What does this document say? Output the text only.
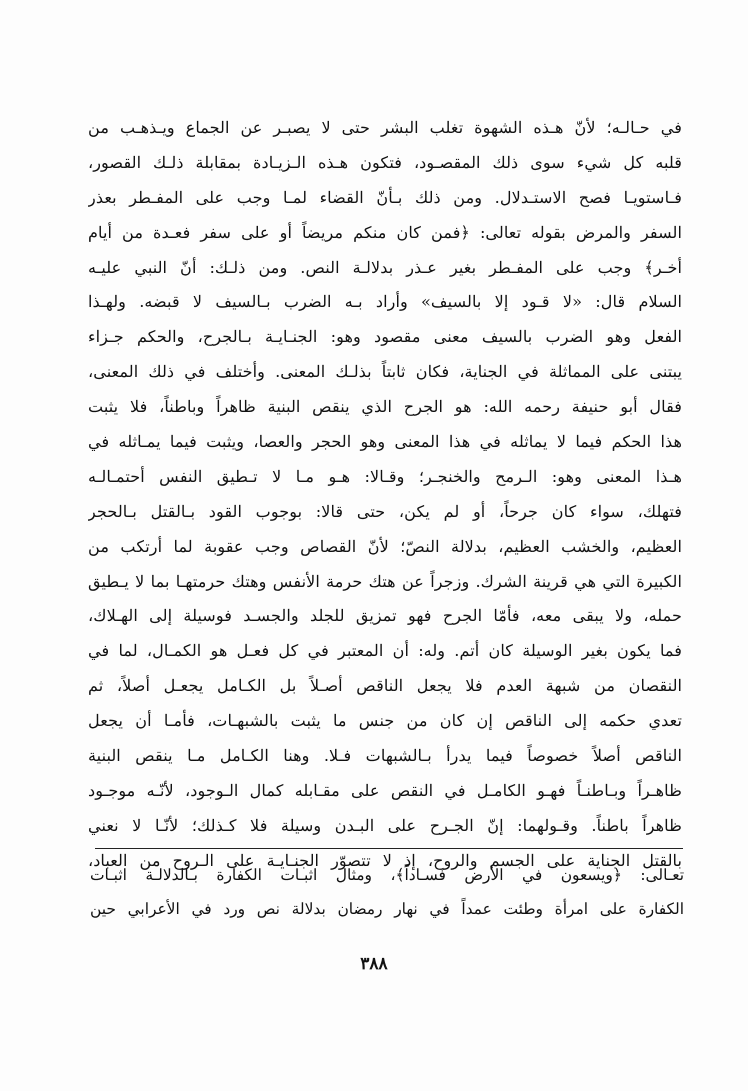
في حـالـه؛ لأنّ هـذه الشهوة تغلب البشر حتى لا يصبـر عن الجماع ويـذهـب من
قلبه كل شيء سوى ذلك المقصـود، فتكون هـذه الـزيـادة بمقابلة ذلـك القصور،
فـاستويـا فصح الاستـدلال. ومن ذلك بـأنّ القضاء لمـا وجب على المفـطر بعذر
السفر والمرض بقوله تعالى: ﴿فمن كان منكم مريضاً أو على سفر فعـدة من أيام
أخـر﴾ وجب على المفـطر بغير عـذر بدلالـة النص. ومن ذلـك: أنّ النبي عليـه
السلام قال: «لا قـود إلا بالسيف» وأراد بـه الضرب بـالسيف لا قبضه. ولهـذا
الفعل وهو الضرب بالسيف معنى مقصود وهو: الجنـايـة بـالجرح، والحكم جـزاء
يبتنى على المماثلة في الجناية، فكان ثابتاً بذلـك المعنى. وأختلف في ذلك المعنى،
فقال أبو حنيفة رحمه الله: هو الجرح الذي ينقص البنية ظاهراً وباطناً، فلا يثبت
هذا الحكم فيما لا يماثله في هذا المعنى وهو الحجر والعصا، ويثبت فيما يمـاثله في
هـذا المعنى وهو: الـرمح والخنجـر؛ وقـالا: هـو مـا لا تـطيق النفس أحتمـالـه
فتهلك، سواء كان جرحاً، أو لم يكن، حتى قالا: بوجوب القود بـالقتل بـالحجر
العظيم، والخشب العظيم، بدلالة النصّ؛ لأنّ القصاص وجب عقوبة لما أرتكب من
الكبيرة التي هي قرينة الشرك. وزجراً عن هتك حرمة الأنفس وهتك حرمتهـا بما لا يـطيق
حمله، ولا يبقى معه، فأمّا الجرح فهو تمزيق للجلد والجسـد فوسيلة إلى الهـلاك،
فما يكون بغير الوسيلة كان أتم. وله: أن المعتبر في كل فعـل هو الكمـال، لما في
النقصان من شبهة العدم فلا يجعل الناقص أصـلاً بل الكـامل يجعـل أصلاً، ثم
تعدي حكمه إلى الناقص إن كان من جنس ما يثبت بالشبهـات، فأمـا أن يجعل
الناقص أصلاً خصوصاً فيما يدرأ بـالشبهات فـلا. وهنا الكـامل مـا ينقص البنية
ظاهـراً وبـاطنـاً فهـو الكامـل في النقص على مقـابله كمال الـوجود، لأنّـه موجـود
ظاهراً باطناً. وقـولهما: إنّ الجـرح على البـدن وسيلة فلا كـذلك؛ لأنّـا لا نعني
بالقتل الجناية على الجسم والروح، إذ لا تتصوّر الجنـايـة على الـروح من العباد،
تعـالى: ﴿ويسعون في الأرض فسـاداً﴾، ومثال اثبـات الكفارة بـالدلالـة اثبـات
الكفارة على امرأة وطئت عمداً في نهار رمضان بدلالة نص ورد في الأعرابي حين
٣٨٨
